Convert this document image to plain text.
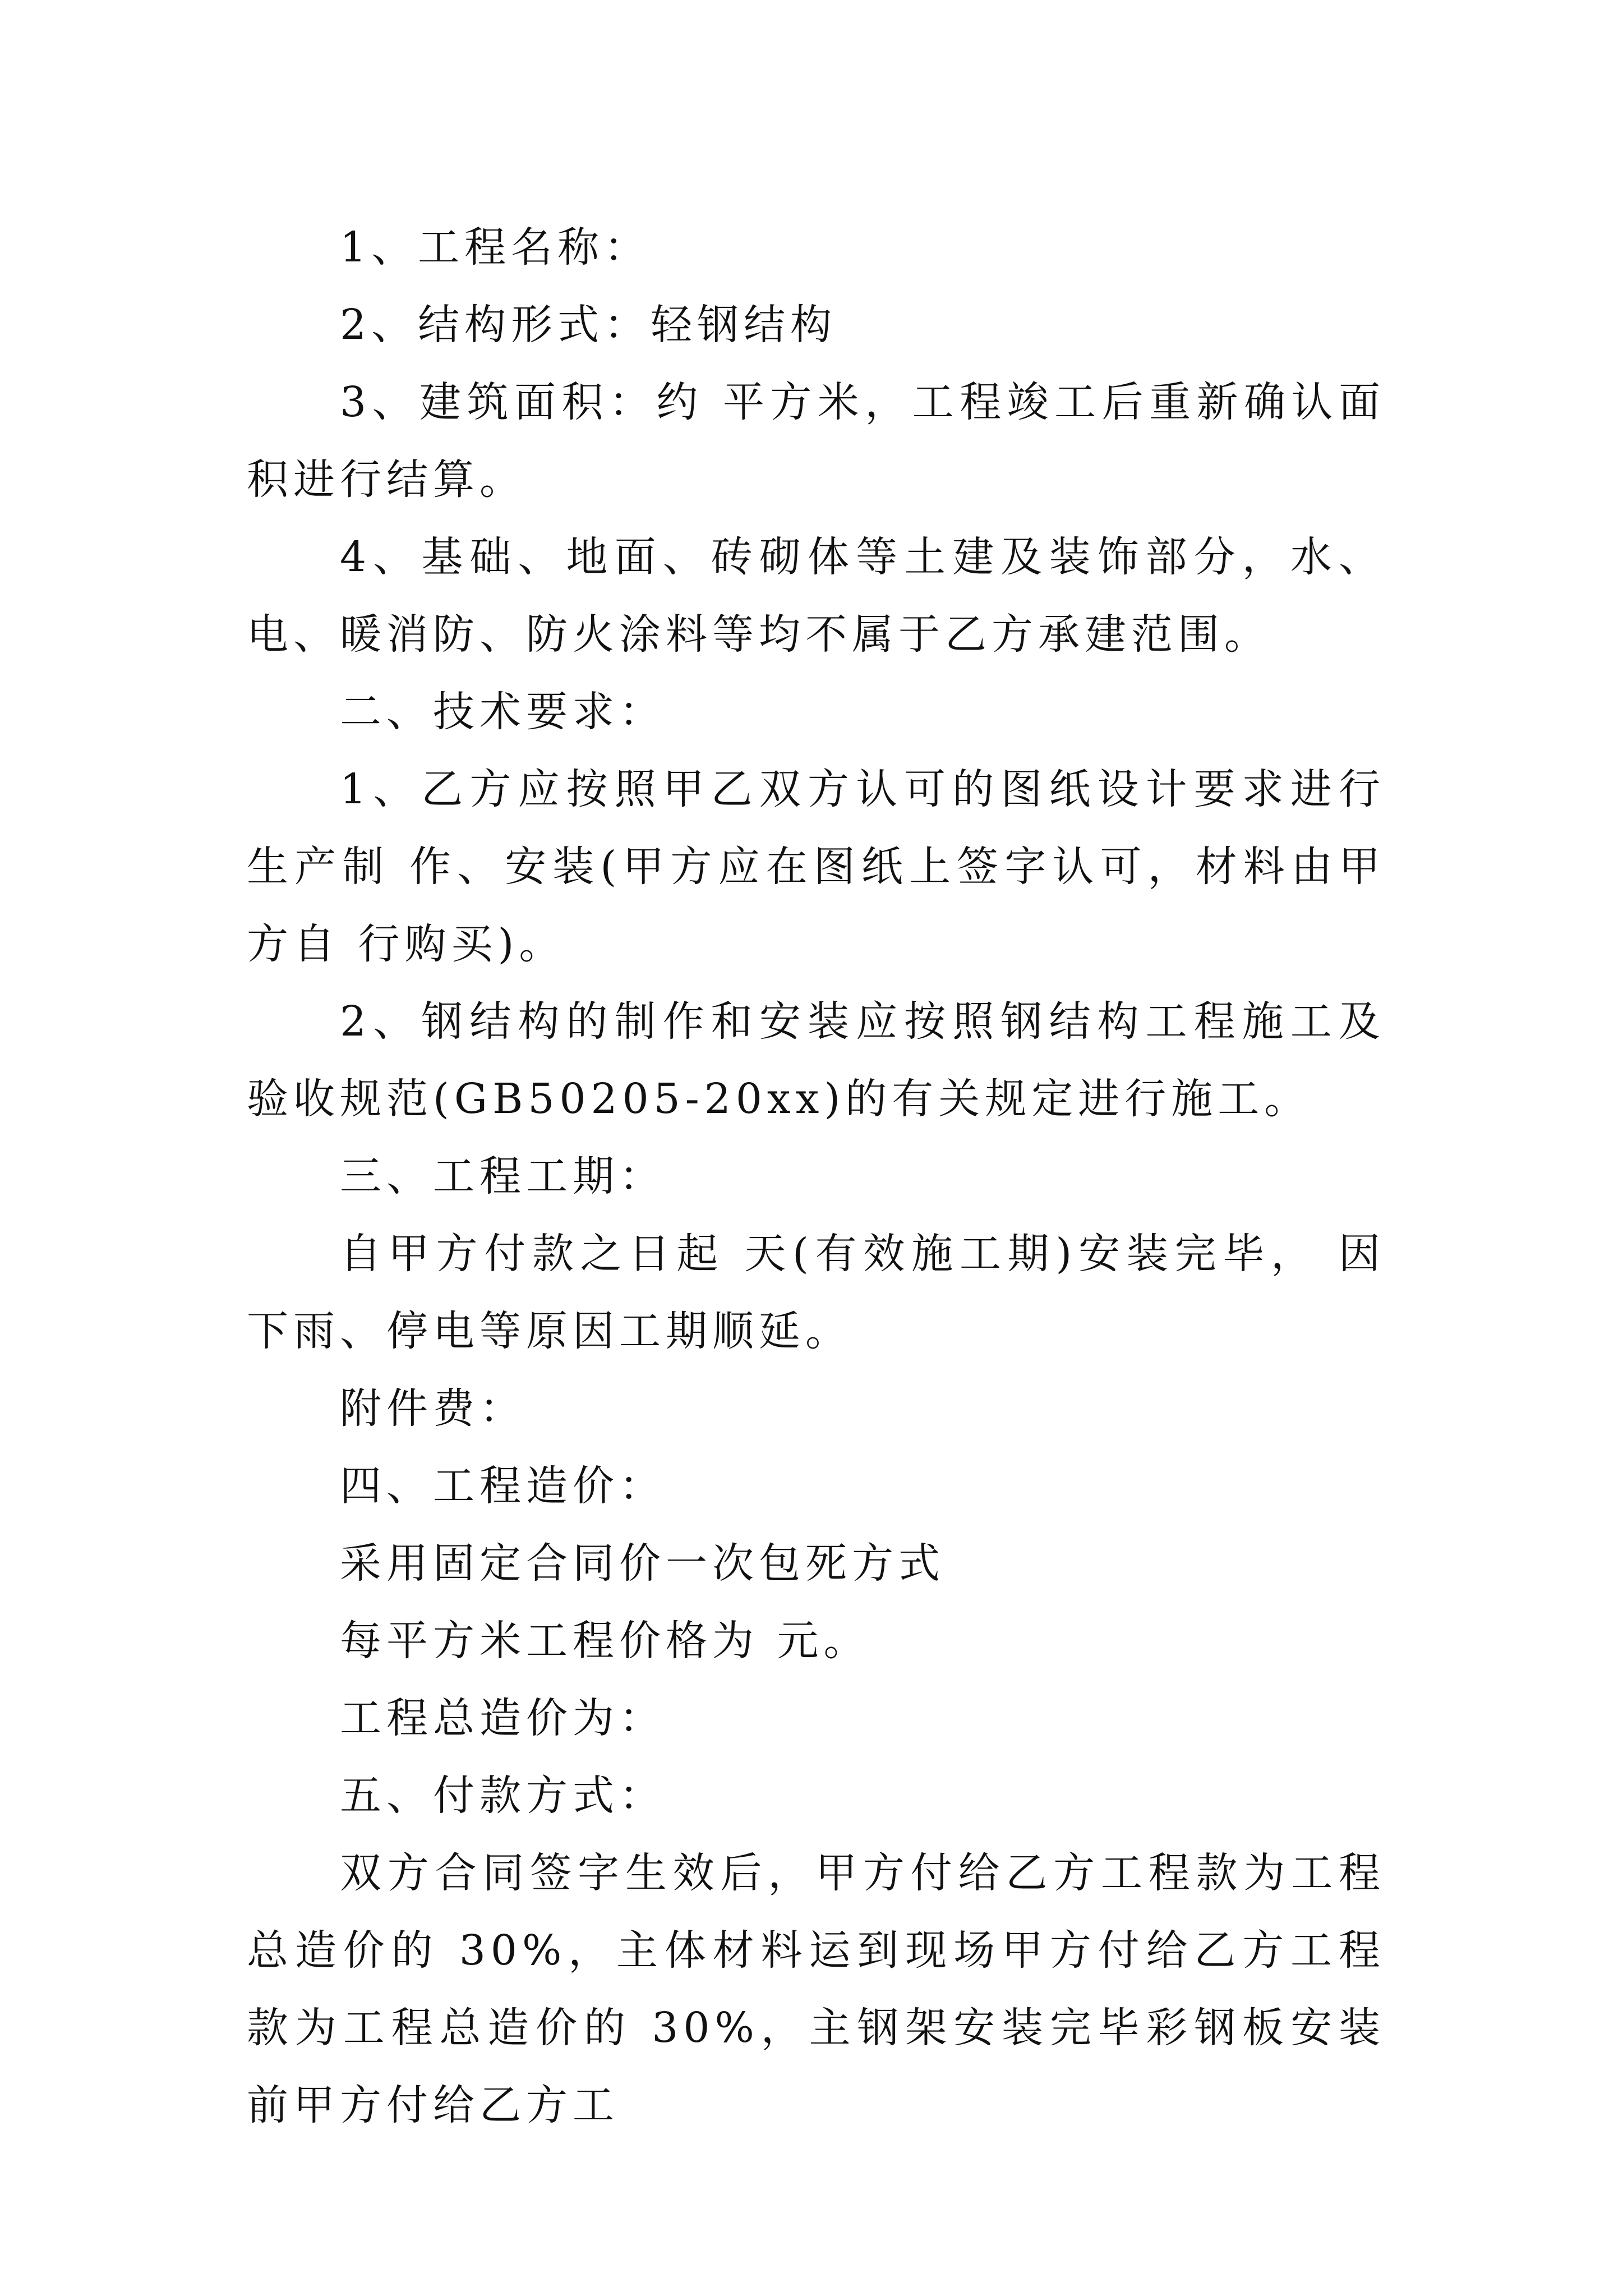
1、工程名称：

2、结构形式：轻钢结构

3、建筑面积：约 平方米，工程竣工后重新确认面 积进行结算。

4、基础、地面、砖砌体等土建及装饰部分，水、电、暖消防、防火涂料等均不属于乙方承建范围。

二、技术要求：

1、乙方应按照甲乙双方认可的图纸设计要求进行生产制 作、安装(甲方应在图纸上签字认可，材料由甲方自 行购买)。

2、钢结构的制作和安装应按照钢结构工程施工及验收规范(GB50205-20xx)的有关规定进行施工。

三、工程工期：

自甲方付款之日起 天(有效施工期)安装完毕， 因下雨、停电等原因工期顺延。

附件费：

四、工程造价：

采用固定合同价一次包死方式

每平方米工程价格为 元。

工程总造价为：

五、付款方式：

双方合同签字生效后，甲方付给乙方工程款为工程总造价的 30%，主体材料运到现场甲方付给乙方工程款为工程总造价的 30%，主钢架安装完毕彩钢板安装前甲方付给乙方工
